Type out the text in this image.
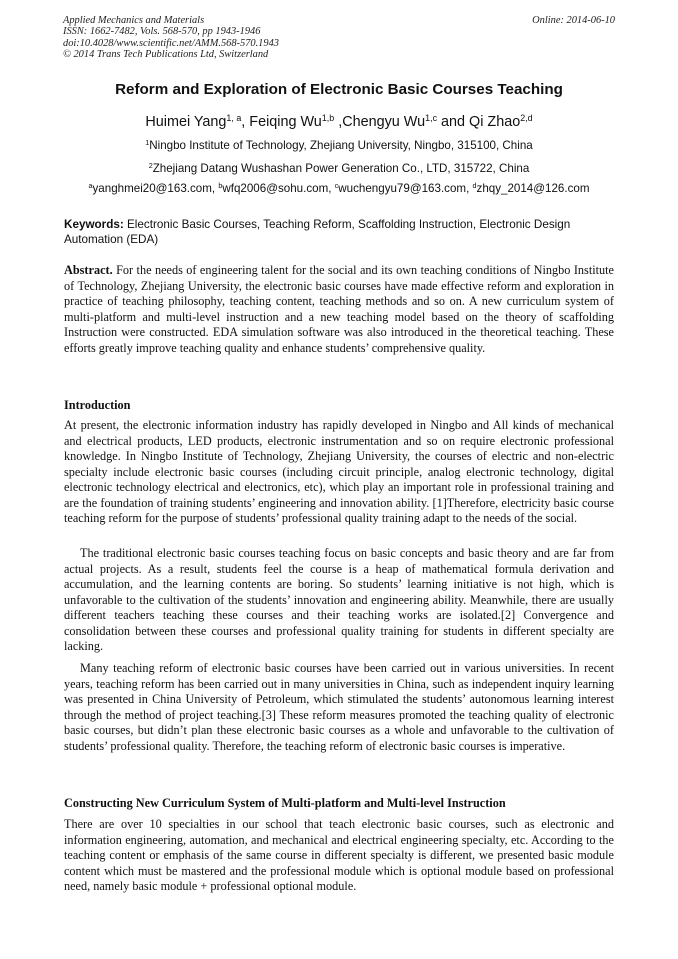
Applied Mechanics and Materials
ISSN: 1662-7482, Vols. 568-570, pp 1943-1946
doi:10.4028/www.scientific.net/AMM.568-570.1943
© 2014 Trans Tech Publications Ltd, Switzerland
Online: 2014-06-10
Reform and Exploration of Electronic Basic Courses Teaching
Huimei Yang$^{1, a}$, Feiqing Wu$^{1,b}$ ,Chengyu Wu$^{1,c}$ and Qi Zhao$^{2,d}$
$^1$Ningbo Institute of Technology, Zhejiang University, Ningbo, 315100, China
$^2$Zhejiang Datang Wushashan Power Generation Co., LTD, 315722, China
$^a$yanghmei20@163.com, $^b$wfq2006@sohu.com, $^c$wuchengyu79@163.com, $^d$zhqy_2014@126.com
Keywords: Electronic Basic Courses, Teaching Reform, Scaffolding Instruction, Electronic Design Automation (EDA)

Abstract. For the needs of engineering talent for the social and its own teaching conditions of Ningbo Institute of Technology, Zhejiang University, the electronic basic courses have made effective reform and exploration in practice of teaching philosophy, teaching content, teaching methods and so on. A new curriculum system of multi-platform and multi-level instruction and a new teaching model based on the theory of scaffolding Instruction were constructed. EDA simulation software was also introduced in the theoretical teaching. These efforts greatly improve teaching quality and enhance students’ comprehensive quality.

Introduction

At present, the electronic information industry has rapidly developed in Ningbo and All kinds of mechanical and electrical products, LED products, electronic instrumentation and so on require electronic professional knowledge. In Ningbo Institute of Technology, Zhejiang University, the courses of electric and non-electric specialty include electronic basic courses (including circuit principle, analog electronic technology, digital electronic technology electrical and electronics, etc), which play an important role in professional training and are the foundation of training students’ engineering and innovation ability. [1]Therefore, electricity basic course teaching reform for the purpose of students’ professional quality training adapt to the needs of the social.

The traditional electronic basic courses teaching focus on basic concepts and basic theory and are far from actual projects. As a result, students feel the course is a heap of mathematical formula derivation and accumulation, and the learning contents are boring. So students’ learning initiative is not high, which is unfavorable to the cultivation of the students’ innovation and engineering ability. Meanwhile, there are usually different teachers teaching these courses and their teaching works are isolated.[2] Convergence and consolidation between these courses and professional quality training for students in different specialty are lacking.

Many teaching reform of electronic basic courses have been carried out in various universities. In recent years, teaching reform has been carried out in many universities in China, such as independent inquiry learning was presented in China University of Petroleum, which stimulated the students’ autonomous learning interest through the method of project teaching.[3] These reform measures promoted the teaching quality of electronic basic courses, but didn’t plan these electronic basic courses as a whole and unfavorable to the cultivation of students’ professional quality. Therefore, the teaching reform of electronic basic courses is imperative.

Constructing New Curriculum System of Multi-platform and Multi-level Instruction

There are over 10 specialties in our school that teach electronic basic courses, such as electronic and information engineering, automation, and mechanical and electrical engineering specialty, etc. According to the teaching content or emphasis of the same course in different specialty is different, we presented basic module content which must be mastered and the professional module which is optional module based on professional need, namely basic module + professional optional module.
